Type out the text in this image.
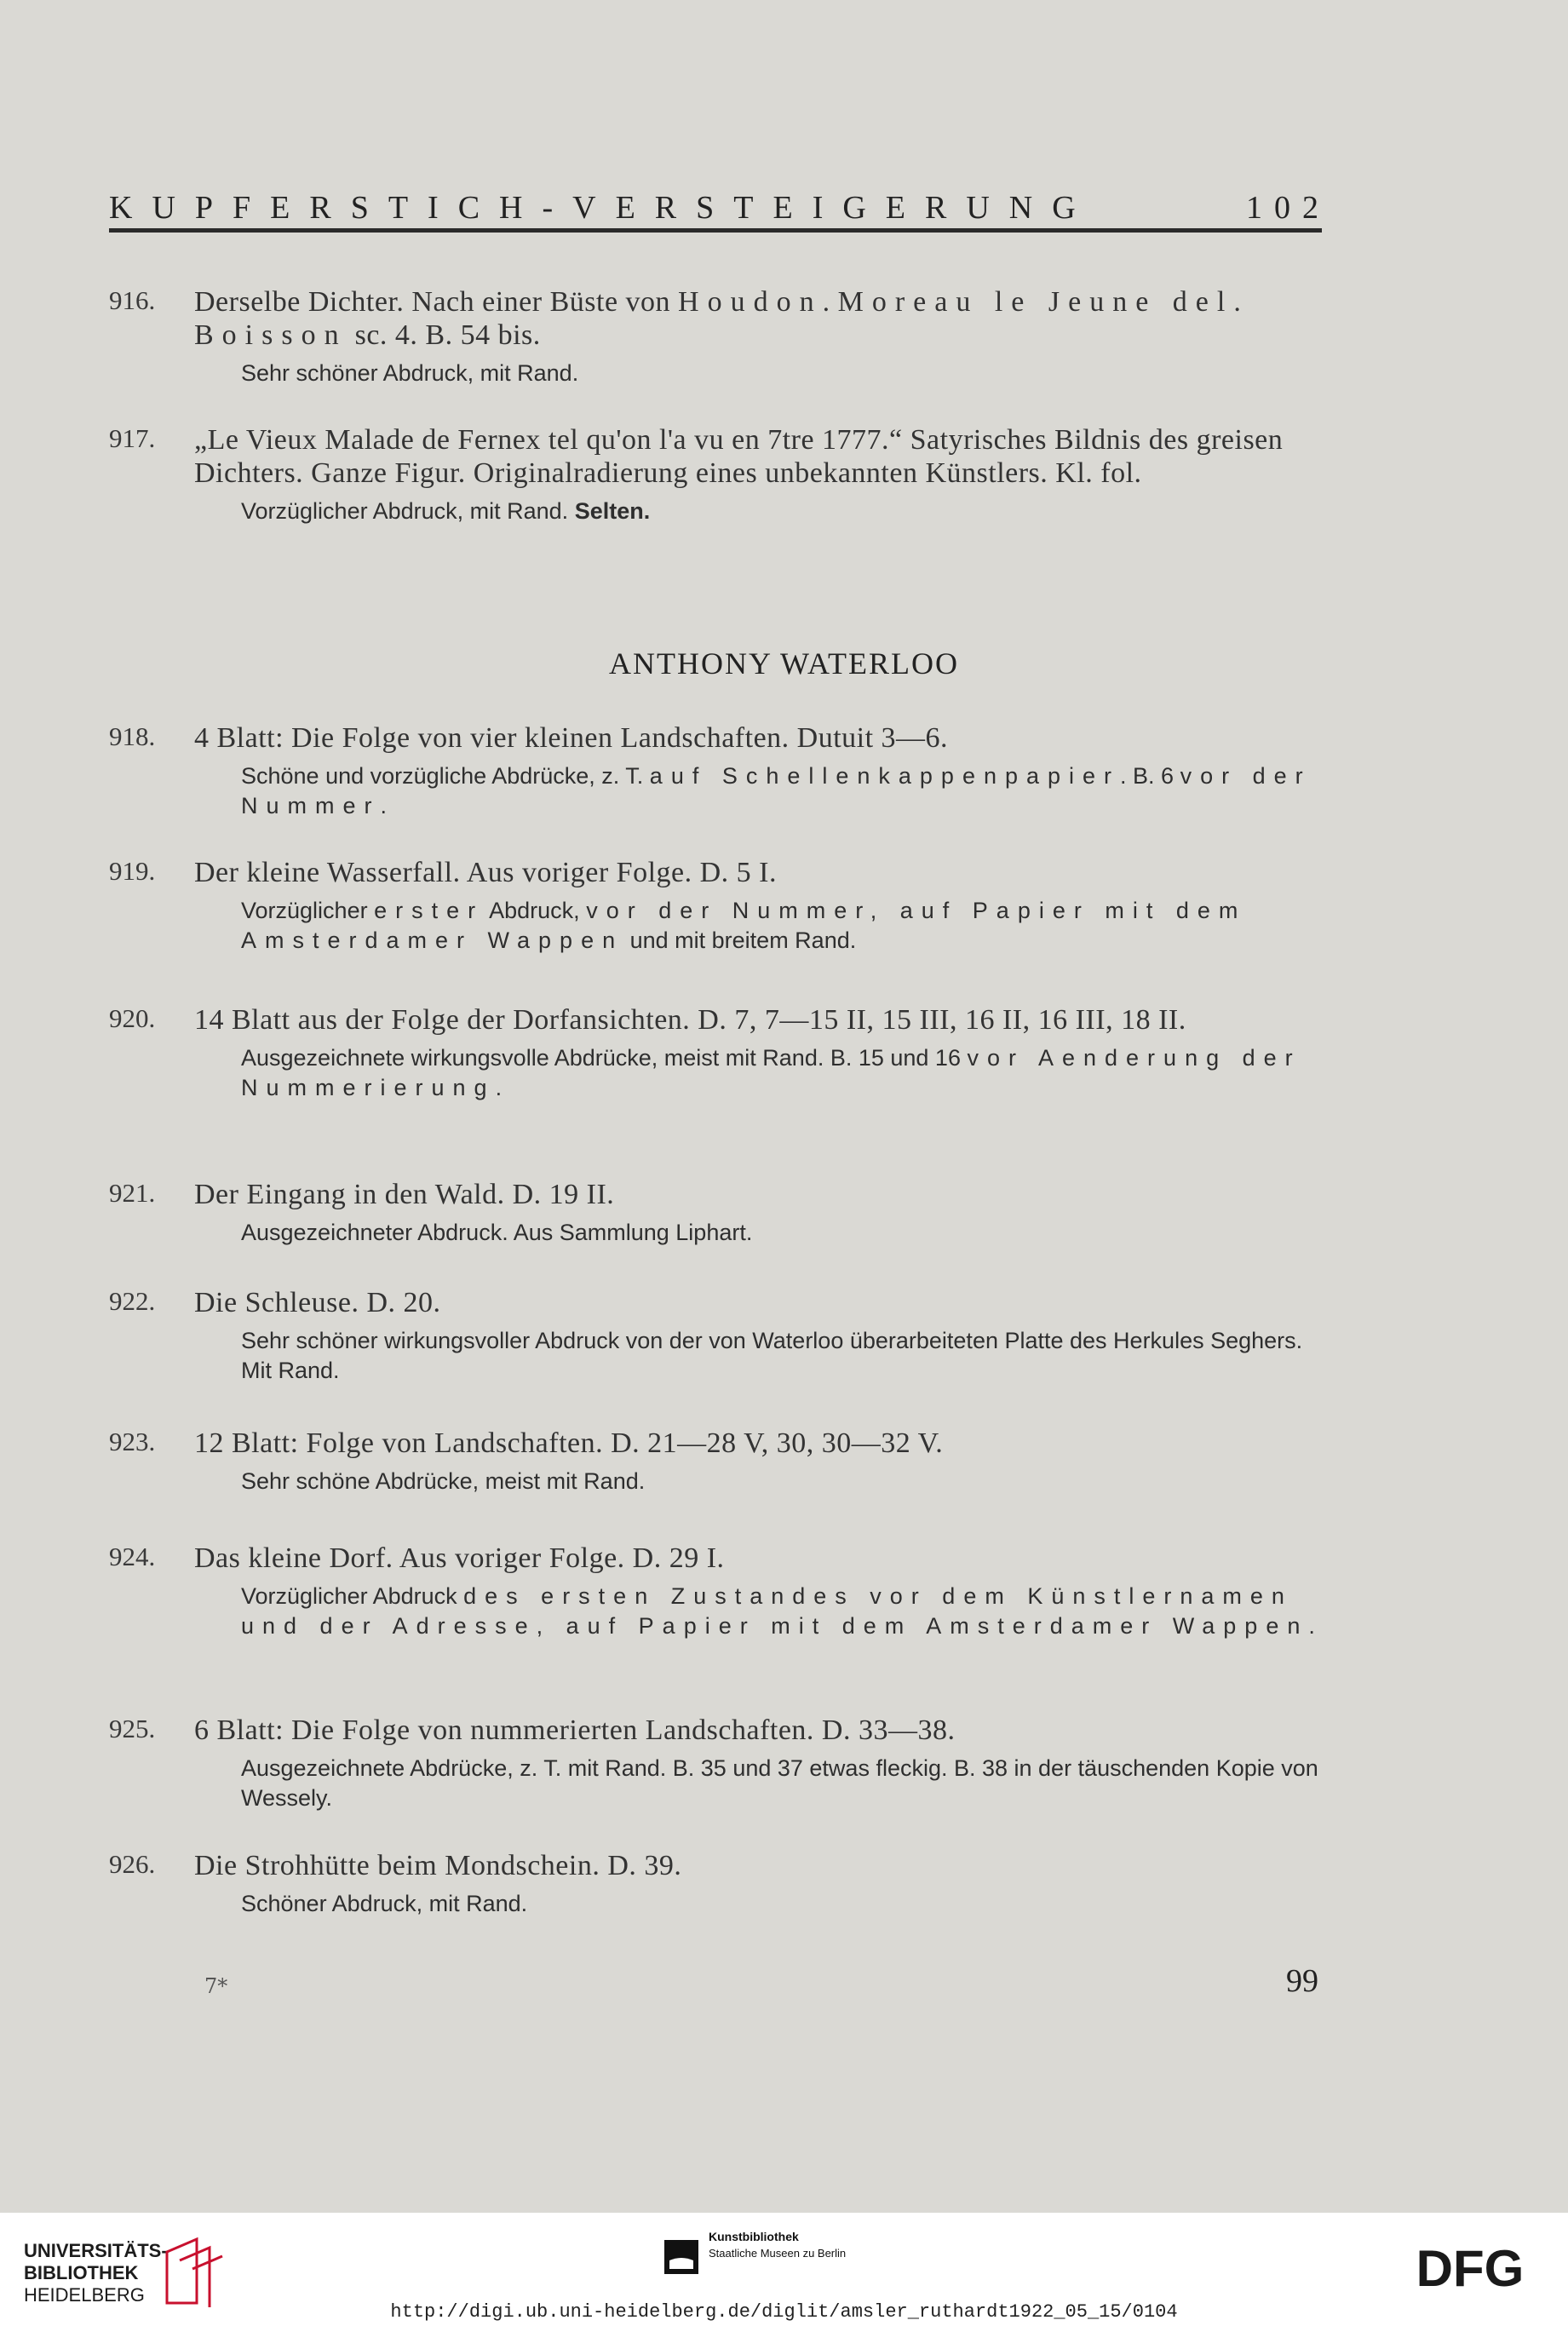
KUPFERSTICH-VERSTEIGERUNG	102
916. Derselbe Dichter. Nach einer Büste von Houdon. Moreau le Jeune del. Boisson sc. 4. B. 54 bis.
Sehr schöner Abdruck, mit Rand.
917. „Le Vieux Malade de Fernex tel qu'on l'a vu en 7tre 1777.“ Satyrisches Bildnis des greisen Dichters. Ganze Figur. Originalradierung eines unbekannten Künstlers. Kl. fol.
Vorzüglicher Abdruck, mit Rand. Selten.
ANTHONY WATERLOO
918. 4 Blatt: Die Folge von vier kleinen Landschaften. Dutuit 3—6.
Schöne und vorzügliche Abdrücke, z. T. auf Schellenkappenpapier. B. 6 vor der Nummer.
919. Der kleine Wasserfall. Aus voriger Folge. D. 5 I.
Vorzüglicher erster Abdruck, vor der Nummer, auf Papier mit dem Amsterdamer Wappen und mit breitem Rand.
920. 14 Blatt aus der Folge der Dorfansichten. D. 7, 7—15 II, 15 III, 16 II, 16 III, 18 II.
Ausgezeichnete wirkungsvolle Abdrücke, meist mit Rand. B. 15 und 16 vor Aenderung der Nummerierung.
921. Der Eingang in den Wald. D. 19 II.
Ausgezeichneter Abdruck. Aus Sammlung Liphart.
922. Die Schleuse. D. 20.
Sehr schöner wirkungsvoller Abdruck von der von Waterloo überarbeiteten Platte des Herkules Seghers. Mit Rand.
923. 12 Blatt: Folge von Landschaften. D. 21—28 V, 30, 30—32 V.
Sehr schöne Abdrücke, meist mit Rand.
924. Das kleine Dorf. Aus voriger Folge. D. 29 I.
Vorzüglicher Abdruck des ersten Zustandes vor dem Künstlernamen und der Adresse, auf Papier mit dem Amsterdamer Wappen.
925. 6 Blatt: Die Folge von nummerierten Landschaften. D. 33—38.
Ausgezeichnete Abdrücke, z. T. mit Rand. B. 35 und 37 etwas fleckig. B. 38 in der täuschenden Kopie von Wessely.
926. Die Strohhütte beim Mondschein. D. 39.
Schöner Abdruck, mit Rand.
7*	99
UNIVERSITÄTS-
BIBLIOTHEK
HEIDELBERG
Kunstbibliothek
Staatliche Museen zu Berlin	DFG
http://digi.ub.uni-heidelberg.de/diglit/amsler_ruthardt1922_05_15/0104
